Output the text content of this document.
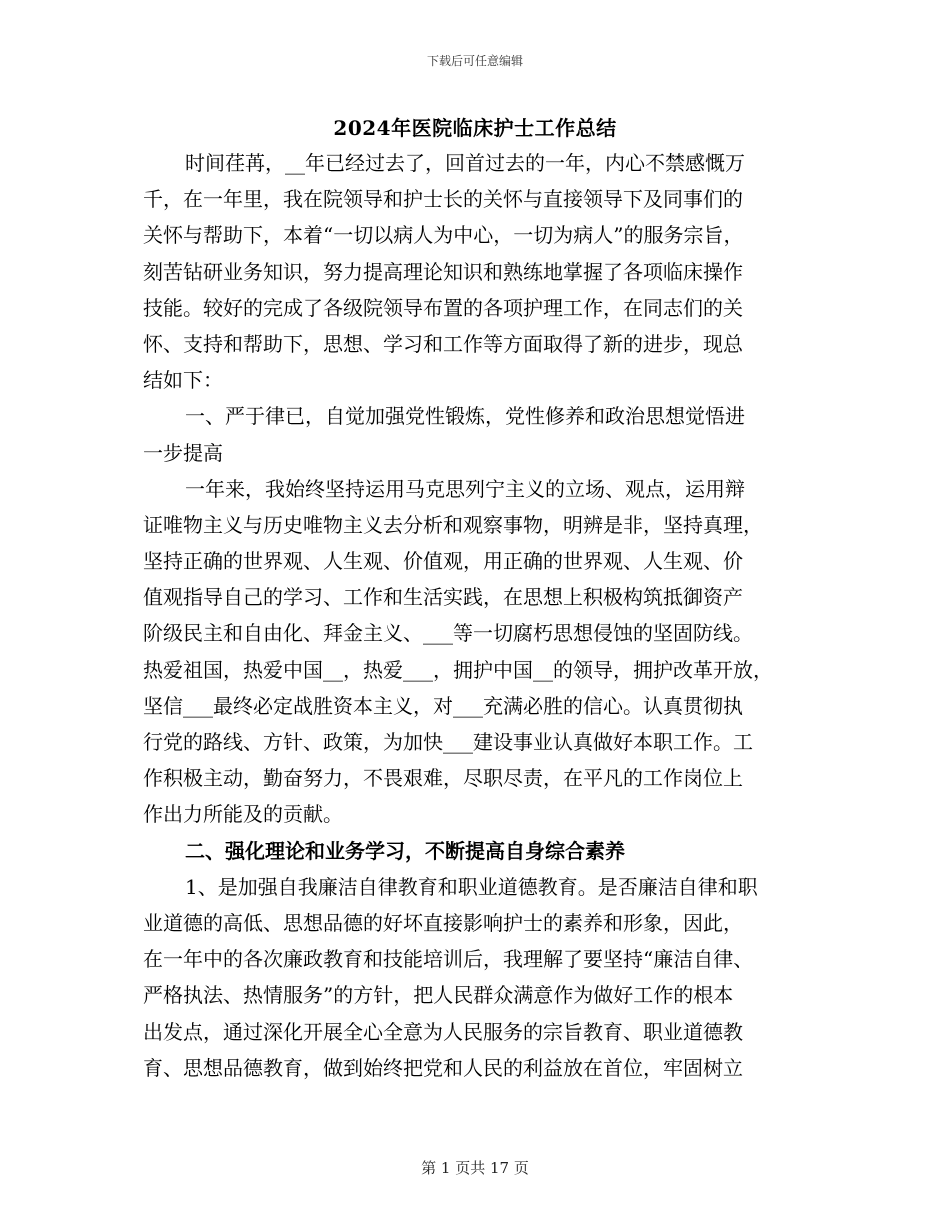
下载后可任意编辑
2024年医院临床护士工作总结
时间荏苒，__年已经过去了，回首过去的一年，内心不禁感慨万
千，在一年里，我在院领导和护士长的关怀与直接领导下及同事们的
关怀与帮助下，本着“一切以病人为中心，一切为病人”的服务宗旨，
刻苦钻研业务知识，努力提高理论知识和熟练地掌握了各项临床操作
技能。较好的完成了各级院领导布置的各项护理工作，在同志们的关
怀、支持和帮助下，思想、学习和工作等方面取得了新的进步，现总
结如下：
一、严于律已，自觉加强党性锻炼，党性修养和政治思想觉悟进
一步提高
一年来，我始终坚持运用马克思列宁主义的立场、观点，运用辩
证唯物主义与历史唯物主义去分析和观察事物，明辨是非，坚持真理，
坚持正确的世界观、人生观、价值观，用正确的世界观、人生观、价
值观指导自己的学习、工作和生活实践，在思想上积极构筑抵御资产
阶级民主和自由化、拜金主义、___等一切腐朽思想侵蚀的坚固防线。
热爱祖国，热爱中国__，热爱___，拥护中国__的领导，拥护改革开放，
坚信___最终必定战胜资本主义，对___充满必胜的信心。认真贯彻执
行党的路线、方针、政策，为加快___建设事业认真做好本职工作。工
作积极主动，勤奋努力，不畏艰难，尽职尽责，在平凡的工作岗位上
作出力所能及的贡献。
二、强化理论和业务学习，不断提高自身综合素养
1、是加强自我廉洁自律教育和职业道德教育。是否廉洁自律和职
业道德的高低、思想品德的好坏直接影响护士的素养和形象，因此，
在一年中的各次廉政教育和技能培训后，我理解了要坚持“廉洁自律、
严格执法、热情服务”的方针，把人民群众满意作为做好工作的根本
出发点，通过深化开展全心全意为人民服务的宗旨教育、职业道德教
育、思想品德教育，做到始终把党和人民的利益放在首位，牢固树立
第 1 页共 17 页
